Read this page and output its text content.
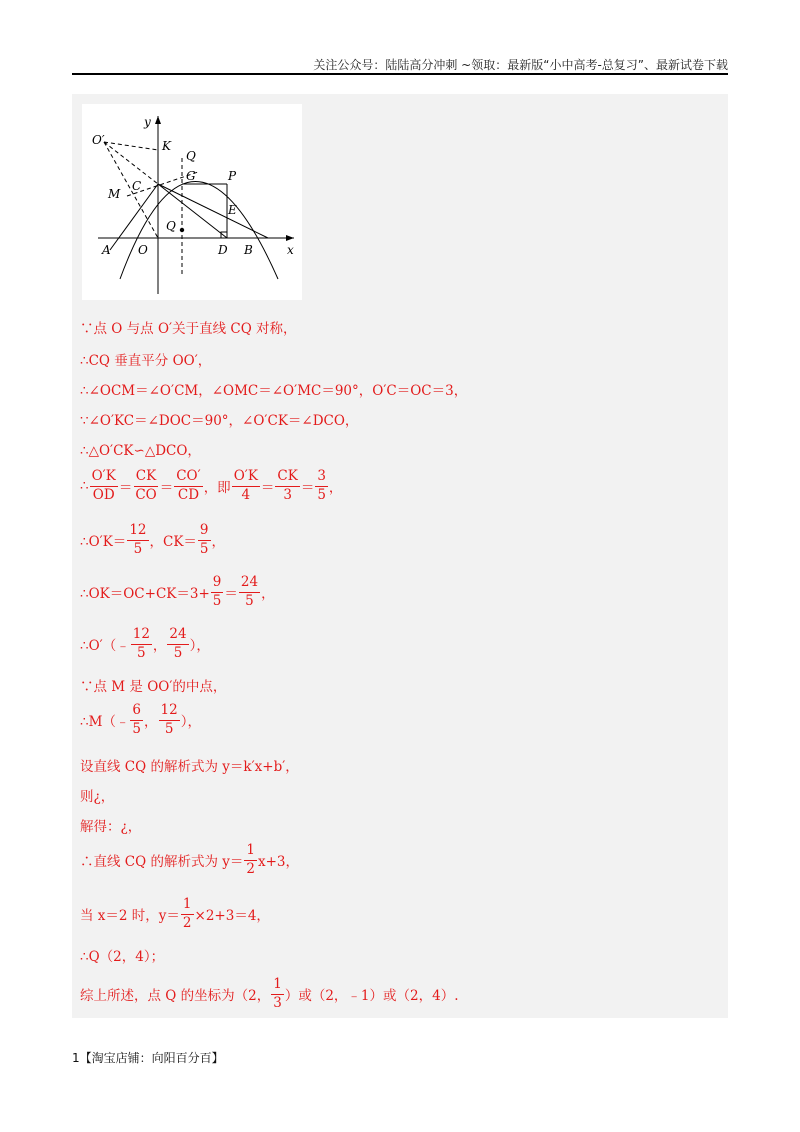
关注公众号：陆陆高分冲刺 ~领取：最新版“小中高考-总复习”、最新试卷下载
y
x
O′	K
Q
G	P
C
M
E
Q
A O	D B
∵点 O 与点 O′关于直线 CQ 对称，
∴CQ 垂直平分 OO′，
∴∠OCM＝∠O′CM，∠OMC＝∠O′MC＝90°，O′C＝OC＝3，
∵∠O′KC＝∠DOC＝90°，∠O′CK＝∠DCO，
∴△O′CK∽△DCO，
∴ $\frac{O'K}{OD} = \frac{CK}{CO} = \frac{CO'}{CD}$ ，即 $\frac{O'K}{4} = \frac{CK}{3} = \frac{3}{5}$ ，
∴O′K＝ $\frac{12}{5}$ ，$CK= \frac{9}{5}$ ，
∴OK＝OC+CK＝3+ $\frac{9}{5} = \frac{24}{5}$ ，
∴O′（﹣ $\frac{12}{5}$ ， $\frac{24}{5}$ ），
∵点 M 是 OO′的中点，
∴M（﹣ $\frac{6}{5}$ ， $\frac{12}{5}$ ），
设直线 CQ 的解析式为 y＝k′x+b′，
则¿，
解得：¿，
∴直线 CQ 的解析式为 $y= \frac{1}{2} x+3$，
当 x＝2 时，$y= \frac{1}{2} \times 2+3=4$，
∴Q（2，4）；
综上所述，点 Q 的坐标为（2， $\frac{1}{3}$ ）或（2，﹣1）或（2，4）.
1【淘宝店铺：向阳百分百】
